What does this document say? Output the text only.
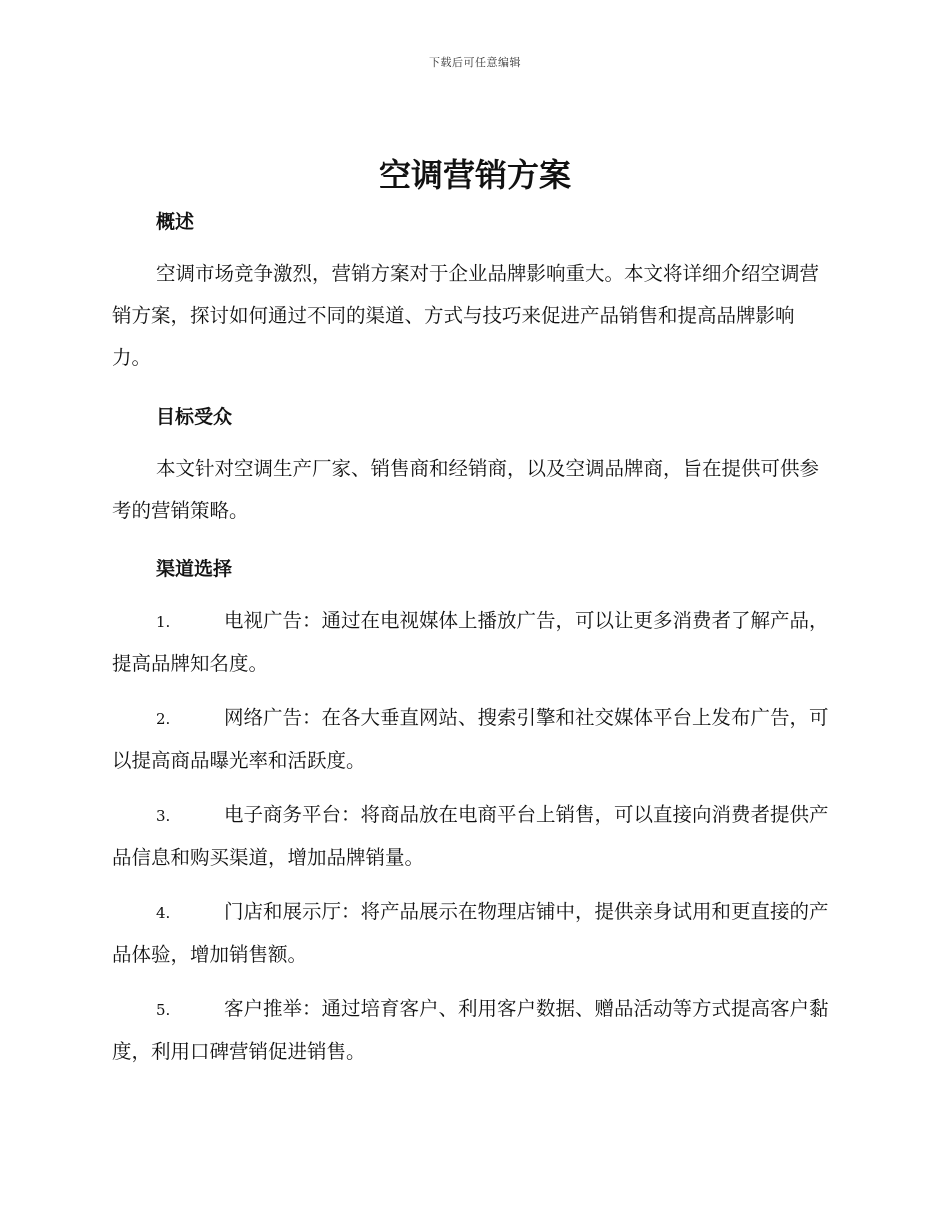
下载后可任意编辑
空调营销方案
概述

空调市场竞争激烈，营销方案对于企业品牌影响重大。本文将详细介绍空调营销方案，探讨如何通过不同的渠道、方式与技巧来促进产品销售和提高品牌影响力。

目标受众

本文针对空调生产厂家、销售商和经销商，以及空调品牌商，旨在提供可供参考的营销策略。

渠道选择

1.	电视广告：通过在电视媒体上播放广告，可以让更多消费者了解产品，提高品牌知名度。

2.	网络广告：在各大垂直网站、搜索引擎和社交媒体平台上发布广告，可以提高商品曝光率和活跃度。

3.	电子商务平台：将商品放在电商平台上销售，可以直接向消费者提供产品信息和购买渠道，增加品牌销量。

4.	门店和展示厅：将产品展示在物理店铺中，提供亲身试用和更直接的产品体验，增加销售额。

5.	客户推举：通过培育客户、利用客户数据、赠品活动等方式提高客户黏度，利用口碑营销促进销售。
